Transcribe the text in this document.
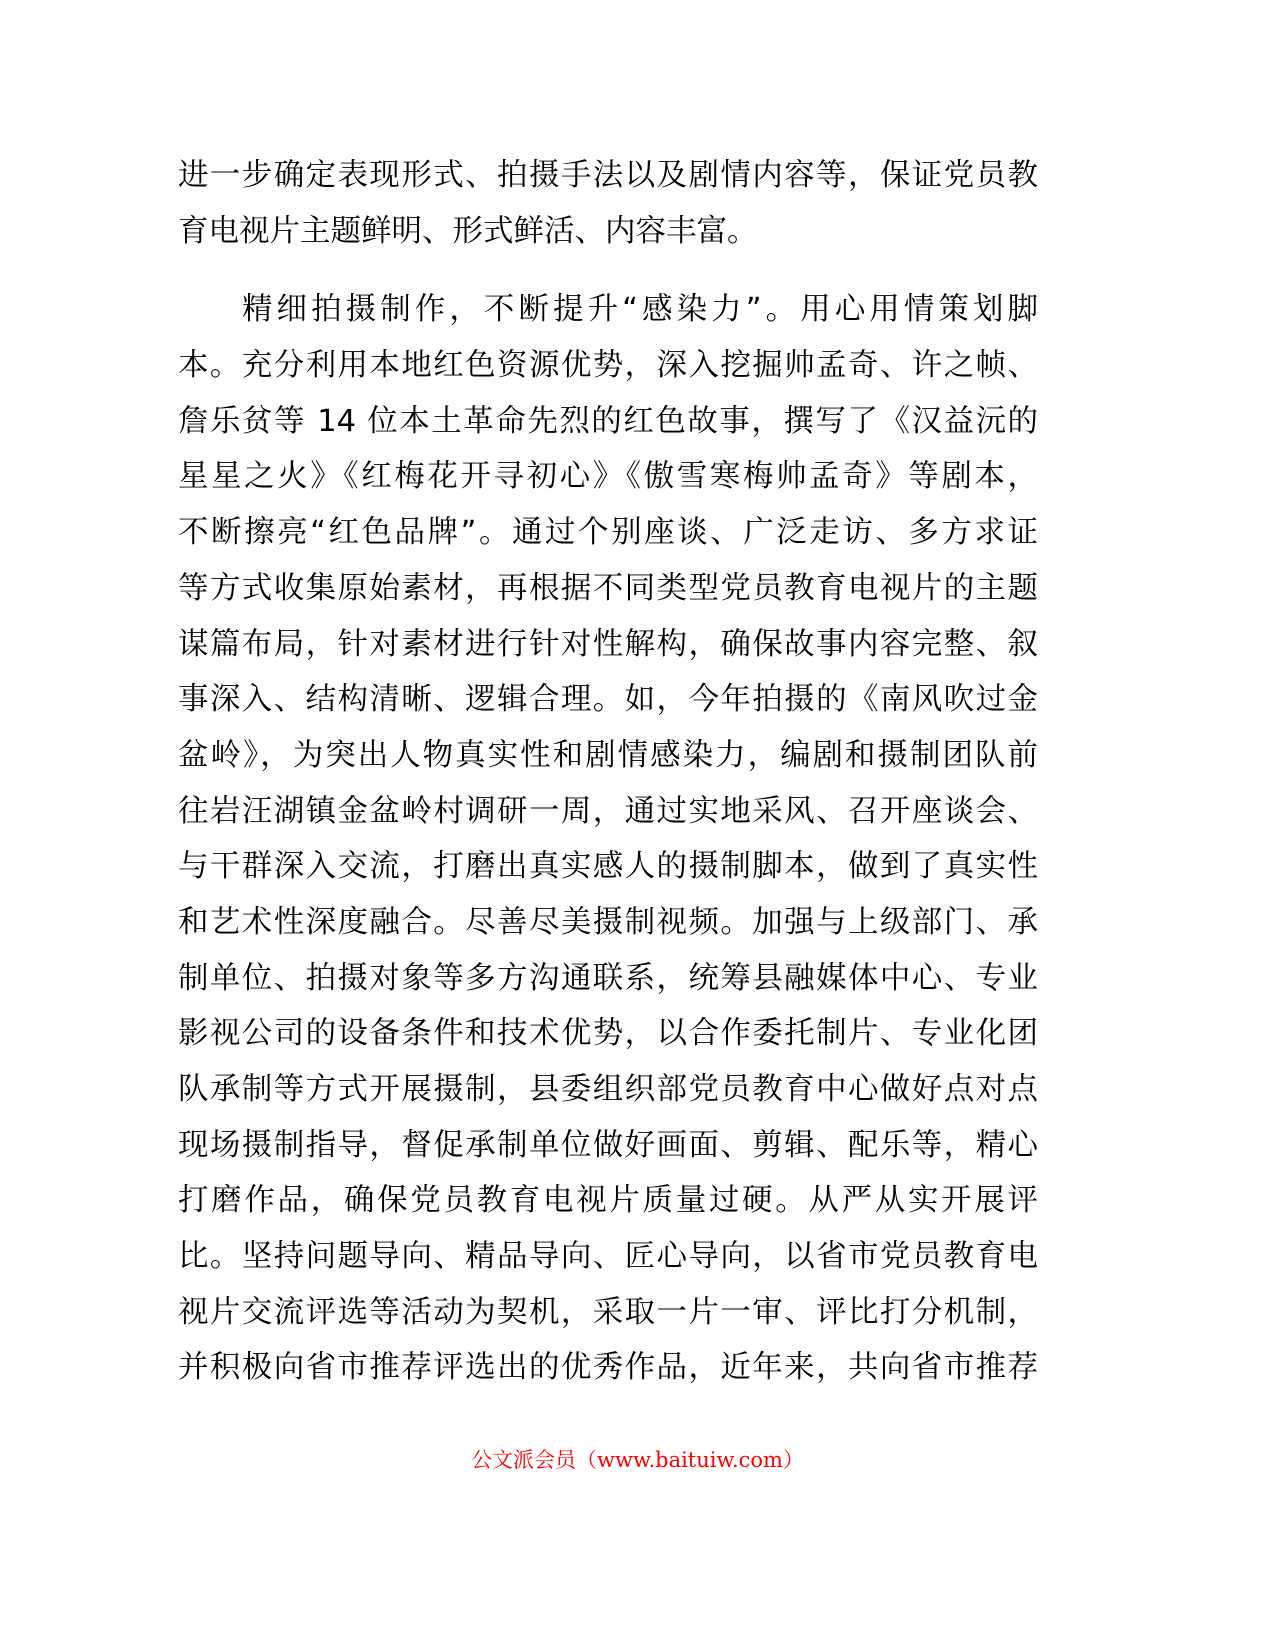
进一步确定表现形式、拍摄手法以及剧情内容等，保证党员教
育电视片主题鲜明、形式鲜活、内容丰富。
精细拍摄制作，不断提升“感染力”。用心用情策划脚
本。充分利用本地红色资源优势，深入挖掘帅孟奇、许之帧、
詹乐贫等 14 位本土革命先烈的红色故事，撰写了《汉益沅的
星星之火》《红梅花开寻初心》《傲雪寒梅帅孟奇》等剧本，
不断擦亮“红色品牌”。通过个别座谈、广泛走访、多方求证
等方式收集原始素材，再根据不同类型党员教育电视片的主题
谋篇布局，针对素材进行针对性解构，确保故事内容完整、叙
事深入、结构清晰、逻辑合理。如，今年拍摄的《南风吹过金
盆岭》，为突出人物真实性和剧情感染力，编剧和摄制团队前
往岩汪湖镇金盆岭村调研一周，通过实地采风、召开座谈会、
与干群深入交流，打磨出真实感人的摄制脚本，做到了真实性
和艺术性深度融合。尽善尽美摄制视频。加强与上级部门、承
制单位、拍摄对象等多方沟通联系，统筹县融媒体中心、专业
影视公司的设备条件和技术优势，以合作委托制片、专业化团
队承制等方式开展摄制，县委组织部党员教育中心做好点对点
现场摄制指导，督促承制单位做好画面、剪辑、配乐等，精心
打磨作品，确保党员教育电视片质量过硬。从严从实开展评
比。坚持问题导向、精品导向、匠心导向，以省市党员教育电
视片交流评选等活动为契机，采取一片一审、评比打分机制，
并积极向省市推荐评选出的优秀作品，近年来，共向省市推荐
公文派会员（www.baituiw.com）
